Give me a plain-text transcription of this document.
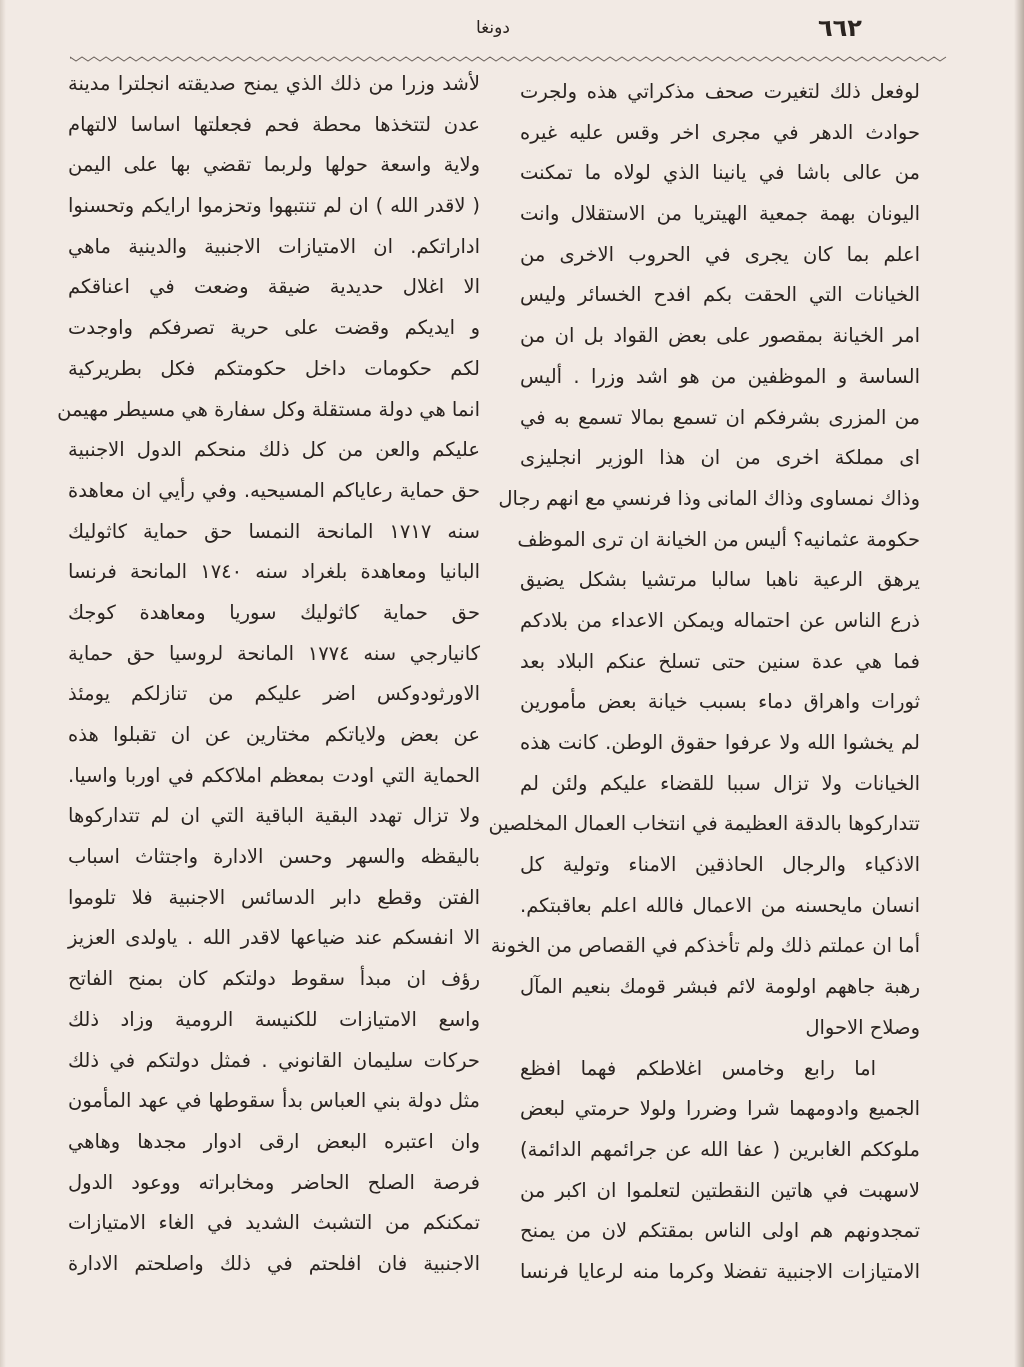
٦٦٢
دونغا
لوفعل ذلك لتغيرت صحف مذكراتي هذه ولجرت
حوادث الدهر في مجرى اخر وقس عليه غيره
من عالى باشا في يانينا الذي لولاه ما تمكنت
اليونان بهمة جمعية الهيتريا من الاستقلال وانت
اعلم بما كان يجرى في الحروب الاخرى من
الخيانات التي الحقت بكم افدح الخسائر وليس
امر الخيانة بمقصور على بعض القواد بل ان من
الساسة و الموظفين من هو اشد وزرا . أليس
من المزرى بشرفكم ان تسمع بمالا تسمع به في
اى مملكة اخرى من ان هذا الوزير انجليزى
وذاك نمساوى وذاك المانى وذا فرنسي مع انهم رجال
حكومة عثمانيه؟ أليس من الخيانة ان ترى الموظف
يرهق الرعية ناهبا سالبا مرتشيا بشكل يضيق
ذرع الناس عن احتماله ويمكن الاعداء من بلادكم
فما هي عدة سنين حتى تسلخ عنكم البلاد بعد
ثورات واهراق دماء بسبب خيانة بعض مأمورين
لم يخشوا الله ولا عرفوا حقوق الوطن. كانت هذه
الخيانات ولا تزال سببا للقضاء عليكم ولئن لم
تتداركوها بالدقة العظيمة في انتخاب العمال المخلصين
الاذكياء والرجال الحاذقين الامناء وتولية كل
انسان مايحسنه من الاعمال فالله اعلم بعاقبتكم.
أما ان عملتم ذلك ولم تأخذكم في القصاص من الخونة
رهبة جاههم اولومة لائم فبشر قومك بنعيم المآل
وصلاح الاحوال
اما رابع وخامس اغلاطكم فهما افظع
الجميع وادومهما شرا وضررا ولولا حرمتي لبعض
ملوككم الغابرين ( عفا الله عن جرائمهم الدائمة)
لاسهبت في هاتين النقطتين لتعلموا ان اكبر من
تمجدونهم هم اولى الناس بمقتكم لان من يمنح
الامتيازات الاجنبية تفضلا وكرما منه لرعايا فرنسا
لأشد وزرا من ذلك الذي يمنح صديقته انجلترا مدينة
عدن لتتخذها محطة فحم فجعلتها اساسا لالتهام
ولاية واسعة حولها ولربما تقضي بها على اليمن
( لاقدر الله ) ان لم تنتبهوا وتحزموا ارايكم وتحسنوا
اداراتكم. ان الامتيازات الاجنبية والدينية ماهي
الا اغلال حديدية ضيقة وضعت في اعناقكم
و ايديكم وقضت على حرية تصرفكم واوجدت
لكم حكومات داخل حكومتكم فكل بطريركية
انما هي دولة مستقلة وكل سفارة هي مسيطر مهيمن
عليكم والعن من كل ذلك منحكم الدول الاجنبية
حق حماية رعاياكم المسيحيه. وفي رأيي ان معاهدة
سنه ١٧١٧ المانحة النمسا حق حماية كاثوليك
البانيا ومعاهدة بلغراد سنه ١٧٤٠ المانحة فرنسا
حق حماية كاثوليك سوريا ومعاهدة كوجك
كانيارجي سنه ١٧٧٤ المانحة لروسيا حق حماية
الاورثودوكس اضر عليكم من تنازلكم يومئذ
عن بعض ولاياتكم مختارين عن ان تقبلوا هذه
الحماية التي اودت بمعظم املاككم في اوربا واسيا.
ولا تزال تهدد البقية الباقية التي ان لم تتداركوها
باليقظه والسهر وحسن الادارة واجتثاث اسباب
الفتن وقطع دابر الدسائس الاجنبية فلا تلوموا
الا انفسكم عند ضياعها لاقدر الله . ياولدى العزيز
رؤف ان مبدأ سقوط دولتكم كان بمنح الفاتح
واسع الامتيازات للكنيسة الرومية وزاد ذلك
حركات سليمان القانوني . فمثل دولتكم في ذلك
مثل دولة بني العباس بدأ سقوطها في عهد المأمون
وان اعتبره البعض ارقى ادوار مجدها وهاهي
فرصة الصلح الحاضر ومخابراته ووعود الدول
تمكنكم من التشبث الشديد في الغاء الامتيازات
الاجنبية فان افلحتم في ذلك واصلحتم الادارة
